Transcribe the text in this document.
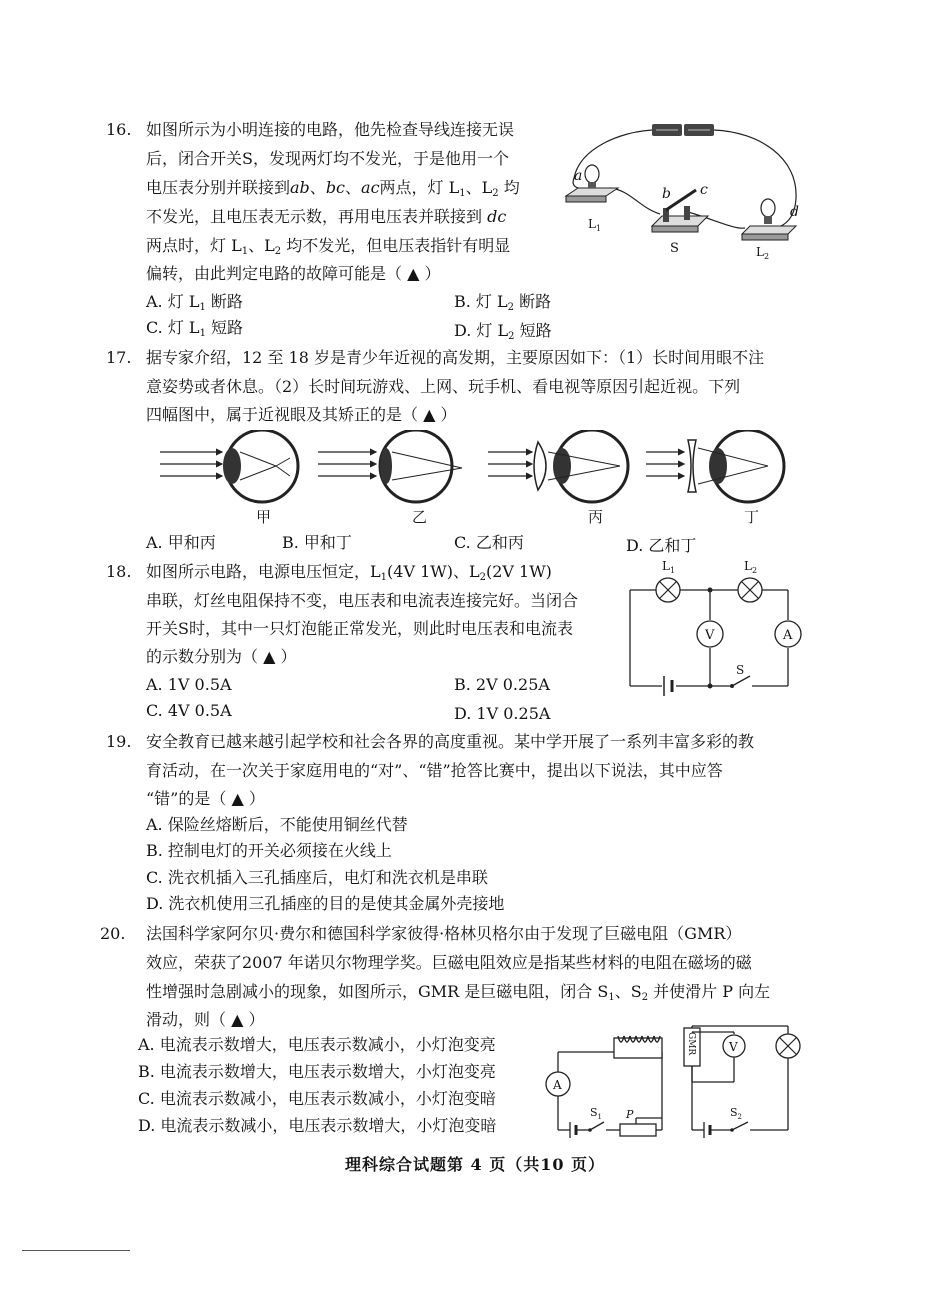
16. 如图所示为小明连接的电路，他先检查导线连接无误
后，闭合开关S，发现两灯均不发光，于是他用一个
电压表分别并联接到ab、bc、ac两点，灯 $L_1$、$L_2$ 均
不发光，且电压表无示数，再用电压表并联接到 dc
两点时，灯 $L_1$、$L_2$ 均不发光，但电压表指针有明显
偏转，由此判定电路的故障可能是（ ▲ ）
A. 灯 $L_1$ 断路	B. 灯 $L_2$ 断路
C. 灯 $L_1$ 短路	D. 灯 $L_2$ 短路
a
b c
d
$L_1$
S	$L_2$
17. 据专家介绍，12 至 18 岁是青少年近视的高发期，主要原因如下：（1）长时间用眼不注
意姿势或者休息。（2）长时间玩游戏、上网、玩手机、看电视等原因引起近视。下列
四幅图中，属于近视眼及其矫正的是（ ▲ ）
甲	乙	丙	丁
A. 甲和丙	B. 甲和丁	C. 乙和丙	D. 乙和丁
18. 如图所示电路，电源电压恒定，$L_1(4V$ 1W)、$L_2(2V$ 1W)
串联，灯丝电阻保持不变，电压表和电流表连接完好。当闭合
开关S时，其中一只灯泡能正常发光，则此时电压表和电流表
的示数分别为（ ▲ ）
A. 1V 0.5A	B. 2V 0.25A
C. 4V 0.5A	D. 1V 0.25A
S
$L_1$	$L_2$
V	A
19. 安全教育已越来越引起学校和社会各界的高度重视。某中学开展了一系列丰富多彩的教
育活动，在一次关于家庭用电的“对”、“错”抢答比赛中，提出以下说法，其中应答
“错”的是（ ▲ ）
A. 保险丝熔断后，不能使用铜丝代替
B. 控制电灯的开关必须接在火线上
C. 洗衣机插入三孔插座后，电灯和洗衣机是串联
D. 洗衣机使用三孔插座的目的是使其金属外壳接地
20. 法国科学家阿尔贝·费尔和德国科学家彼得·格林贝格尔由于发现了巨磁电阻（GMR）
效应，荣获了2007 年诺贝尔物理学奖。巨磁电阻效应是指某些材料的电阻在磁场的磁
性增强时急剧减小的现象，如图所示，GMR 是巨磁电阻，闭合 $S_1$、$S_2$ 并使滑片 P 向左
滑动，则（ ▲ ）
A. 电流表示数增大，电压表示数减小，小灯泡变亮
B. 电流表示数增大，电压表示数增大，小灯泡变亮
C. 电流表示数减小，电压表示数减小，小灯泡变暗
D. 电流表示数减小，电压表示数增大，小灯泡变暗
A
$S_1$ P
GMR	V
$S_2$
理科综合试题第 4 页（共10 页）
